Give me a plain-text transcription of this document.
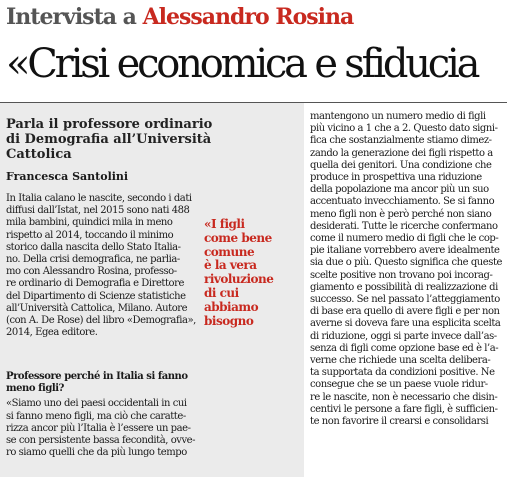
Intervista a Alessandro Rosina
«Crisi economica e sfiducia
Parla il professore ordinario
di Demografia all’Università
Cattolica
Francesca Santolini
In Italia calano le nascite, secondo i dati
diffusi dall’Istat, nel 2015 sono nati 488
mila bambini, quindici mila in meno
rispetto al 2014, toccando il minimo
storico dalla nascita dello Stato Italia-
no. Della crisi demografica, ne parlia-
mo con Alessandro Rosina, professo-
re ordinario di Demografia e Direttore
del Dipartimento di Scienze statistiche
all’Università Cattolica, Milano. Autore
(con A. De Rose) del libro «Demografia»,
2014, Egea editore.
Professore perché in Italia si fanno
meno figli?
«Siamo uno dei paesi occidentali in cui
si fanno meno figli, ma ciò che caratte-
rizza ancor più l’Italia è l’essere un pae-
se con persistente bassa fecondità, ovve-
ro siamo quelli che da più lungo tempo
«I figli
come bene
comune
è la vera
rivoluzione
di cui
abbiamo
bisogno
mantengono un numero medio di figli
più vicino a 1 che a 2. Questo dato signi-
fica che sostanzialmente stiamo dimez-
zando la generazione dei figli rispetto a
quella dei genitori. Una condizione che
produce in prospettiva una riduzione
della popolazione ma ancor più un suo
accentuato invecchiamento. Se si fanno
meno figli non è però perché non siano
desiderati. Tutte le ricerche confermano
come il numero medio di figli che le cop-
pie italiane vorrebbero avere idealmente
sia due o più. Questo significa che queste
scelte positive non trovano poi incorag-
giamento e possibilità di realizzazione di
successo. Se nel passato l’atteggiamento
di base era quello di avere figli e per non
averne si doveva fare una esplicita scelta
di riduzione, oggi si parte invece dall’as-
senza di figli come opzione base ed è l’a-
verne che richiede una scelta delibera-
ta supportata da condizioni positive. Ne
consegue che se un paese vuole ridur-
re le nascite, non è necessario che disin-
centivi le persone a fare figli, è sufficien-
te non favorire il crearsi e consolidarsi
